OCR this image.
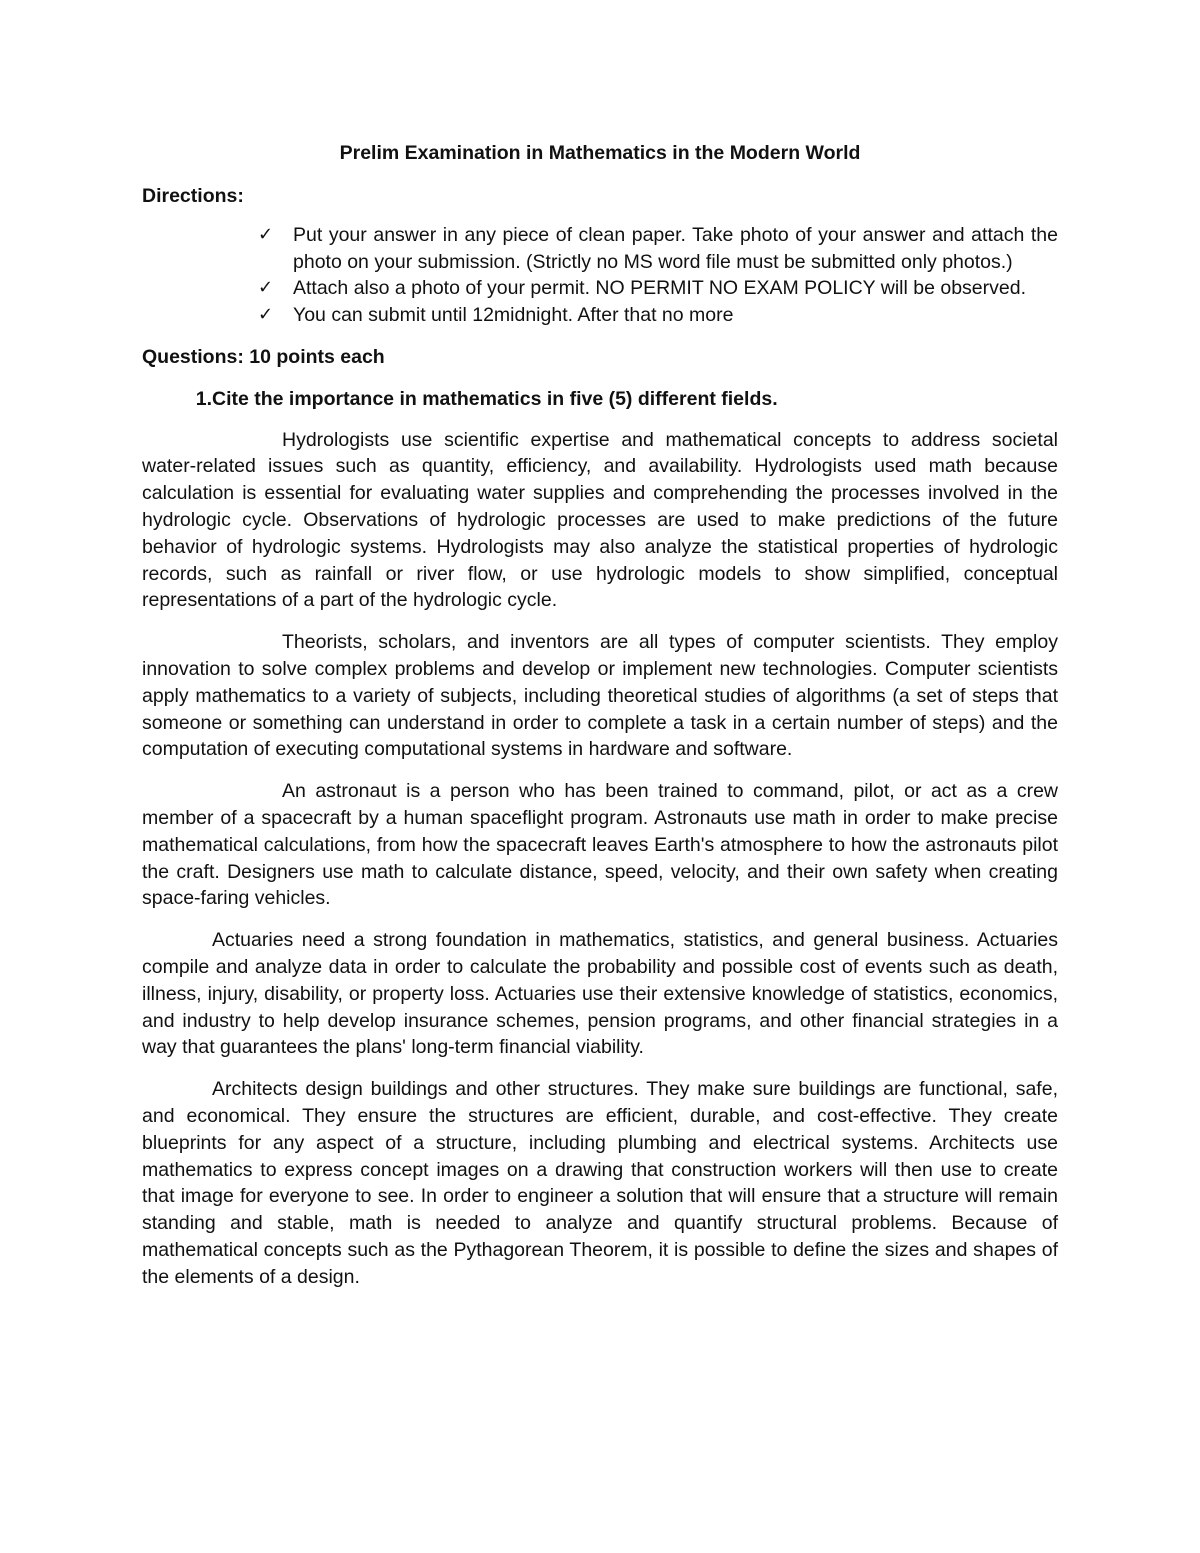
Prelim Examination in Mathematics in the Modern World
Directions:
✓ Put your answer in any piece of clean paper. Take photo of your answer and attach the photo on your submission. (Strictly no MS word file must be submitted only photos.)
✓ Attach also a photo of your permit. NO PERMIT NO EXAM POLICY will be observed.
✓ You can submit until 12midnight. After that no more
Questions: 10 points each
1. Cite the importance in mathematics in five (5) different fields.

Hydrologists use scientific expertise and mathematical concepts to address societal water-related issues such as quantity, efficiency, and availability. Hydrologists used math because calculation is essential for evaluating water supplies and comprehending the processes involved in the hydrologic cycle. Observations of hydrologic processes are used to make predictions of the future behavior of hydrologic systems. Hydrologists may also analyze the statistical properties of hydrologic records, such as rainfall or river flow, or use hydrologic models to show simplified, conceptual representations of a part of the hydrologic cycle.

Theorists, scholars, and inventors are all types of computer scientists. They employ innovation to solve complex problems and develop or implement new technologies. Computer scientists apply mathematics to a variety of subjects, including theoretical studies of algorithms (a set of steps that someone or something can understand in order to complete a task in a certain number of steps) and the computation of executing computational systems in hardware and software.

An astronaut is a person who has been trained to command, pilot, or act as a crew member of a spacecraft by a human spaceflight program. Astronauts use math in order to make precise mathematical calculations, from how the spacecraft leaves Earth's atmosphere to how the astronauts pilot the craft. Designers use math to calculate distance, speed, velocity, and their own safety when creating space-faring vehicles.

Actuaries need a strong foundation in mathematics, statistics, and general business. Actuaries compile and analyze data in order to calculate the probability and possible cost of events such as death, illness, injury, disability, or property loss. Actuaries use their extensive knowledge of statistics, economics, and industry to help develop insurance schemes, pension programs, and other financial strategies in a way that guarantees the plans' long-term financial viability.

Architects design buildings and other structures. They make sure buildings are functional, safe, and economical. They ensure the structures are efficient, durable, and cost-effective. They create blueprints for any aspect of a structure, including plumbing and electrical systems. Architects use mathematics to express concept images on a drawing that construction workers will then use to create that image for everyone to see. In order to engineer a solution that will ensure that a structure will remain standing and stable, math is needed to analyze and quantify structural problems. Because of mathematical concepts such as the Pythagorean Theorem, it is possible to define the sizes and shapes of the elements of a design.
